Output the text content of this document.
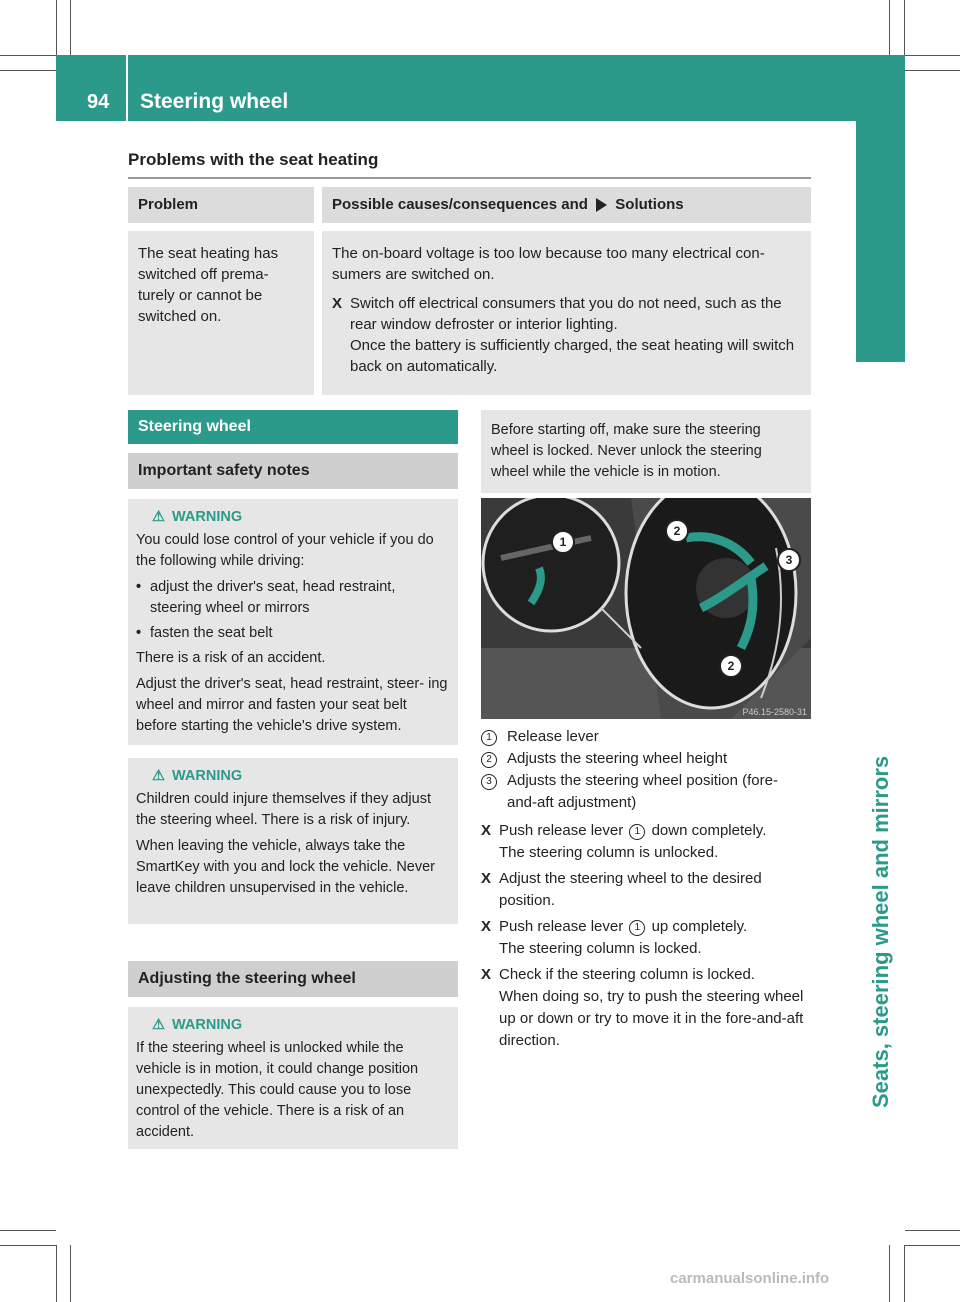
94 Steering wheel
Seats, steering wheel and mirrors
Problems with the seat heating
Problem	Possible causes/consequences and Solutions
The seat heating has switched off prema- turely or cannot be switched on.	The on-board voltage is too low because too many electrical con- sumers are switched on.
X Switch off electrical consumers that you do not need, such as the rear window defroster or interior lighting.
Once the battery is sufficiently charged, the seat heating will switch back on automatically.
Steering wheel
Important safety notes
⚠ WARNING

You could lose control of your vehicle if you do the following while driving:

• adjust the driver's seat, head restraint, steering wheel or mirrors
• fasten the seat belt

There is a risk of an accident.

Adjust the driver's seat, head restraint, steer- ing wheel and mirror and fasten your seat belt before starting the vehicle's drive system.

⚠ WARNING

Children could injure themselves if they adjust the steering wheel. There is a risk of injury.

When leaving the vehicle, always take the SmartKey with you and lock the vehicle. Never leave children unsupervised in the vehicle.

Adjusting the steering wheel
⚠ WARNING

If the steering wheel is unlocked while the vehicle is in motion, it could change position unexpectedly. This could cause you to lose control of the vehicle. There is a risk of an accident.

Before starting off, make sure the steering wheel is locked. Never unlock the steering wheel while the vehicle is in motion.
1
2
3
2
P46.15-2580-31
1	Release lever
2	Adjusts the steering wheel height
3	Adjusts the steering wheel position (fore- and-aft adjustment)
X Push release lever 1 down completely.
The steering column is unlocked.
X Adjust the steering wheel to the desired position.
X Push release lever 1 up completely.
The steering column is locked.
X Check if the steering column is locked.
When doing so, try to push the steering wheel up or down or try to move it in the fore-and-aft direction.
carmanualsonline.info
